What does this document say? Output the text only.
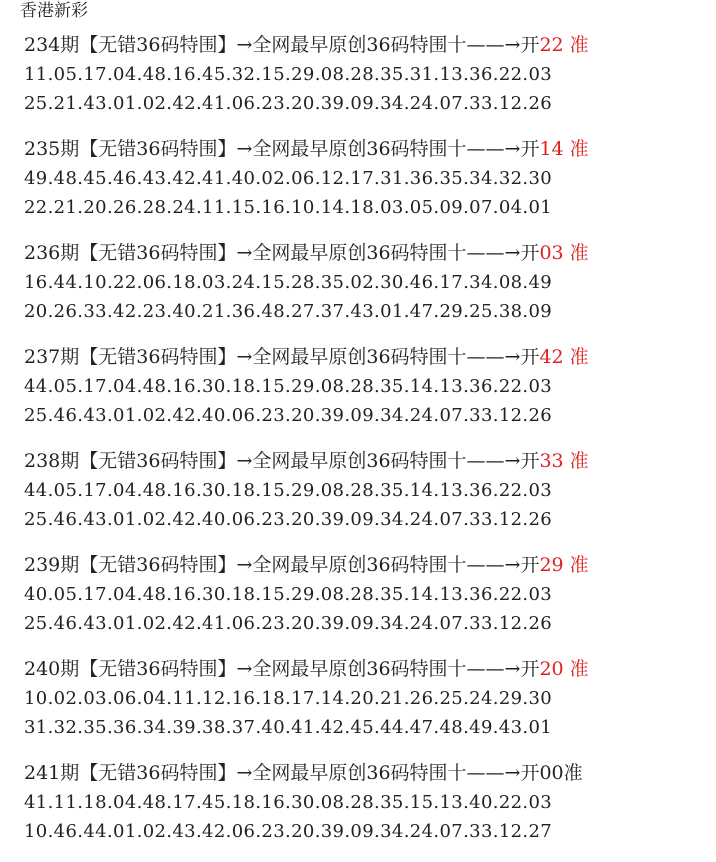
香港新彩
234期【无错36码特围】→全网最早原创36码特围十——→开22 准
11.05.17.04.48.16.45.32.15.29.08.28.35.31.13.36.22.03
25.21.43.01.02.42.41.06.23.20.39.09.34.24.07.33.12.26
235期【无错36码特围】→全网最早原创36码特围十——→开14 准
49.48.45.46.43.42.41.40.02.06.12.17.31.36.35.34.32.30
22.21.20.26.28.24.11.15.16.10.14.18.03.05.09.07.04.01
236期【无错36码特围】→全网最早原创36码特围十——→开03 准
16.44.10.22.06.18.03.24.15.28.35.02.30.46.17.34.08.49
20.26.33.42.23.40.21.36.48.27.37.43.01.47.29.25.38.09
237期【无错36码特围】→全网最早原创36码特围十——→开42 准
44.05.17.04.48.16.30.18.15.29.08.28.35.14.13.36.22.03
25.46.43.01.02.42.40.06.23.20.39.09.34.24.07.33.12.26
238期【无错36码特围】→全网最早原创36码特围十——→开33 准
44.05.17.04.48.16.30.18.15.29.08.28.35.14.13.36.22.03
25.46.43.01.02.42.40.06.23.20.39.09.34.24.07.33.12.26
239期【无错36码特围】→全网最早原创36码特围十——→开29 准
40.05.17.04.48.16.30.18.15.29.08.28.35.14.13.36.22.03
25.46.43.01.02.42.41.06.23.20.39.09.34.24.07.33.12.26
240期【无错36码特围】→全网最早原创36码特围十——→开20 准
10.02.03.06.04.11.12.16.18.17.14.20.21.26.25.24.29.30
31.32.35.36.34.39.38.37.40.41.42.45.44.47.48.49.43.01
241期【无错36码特围】→全网最早原创36码特围十——→开00准
41.11.18.04.48.17.45.18.16.30.08.28.35.15.13.40.22.03
10.46.44.01.02.43.42.06.23.20.39.09.34.24.07.33.12.27
